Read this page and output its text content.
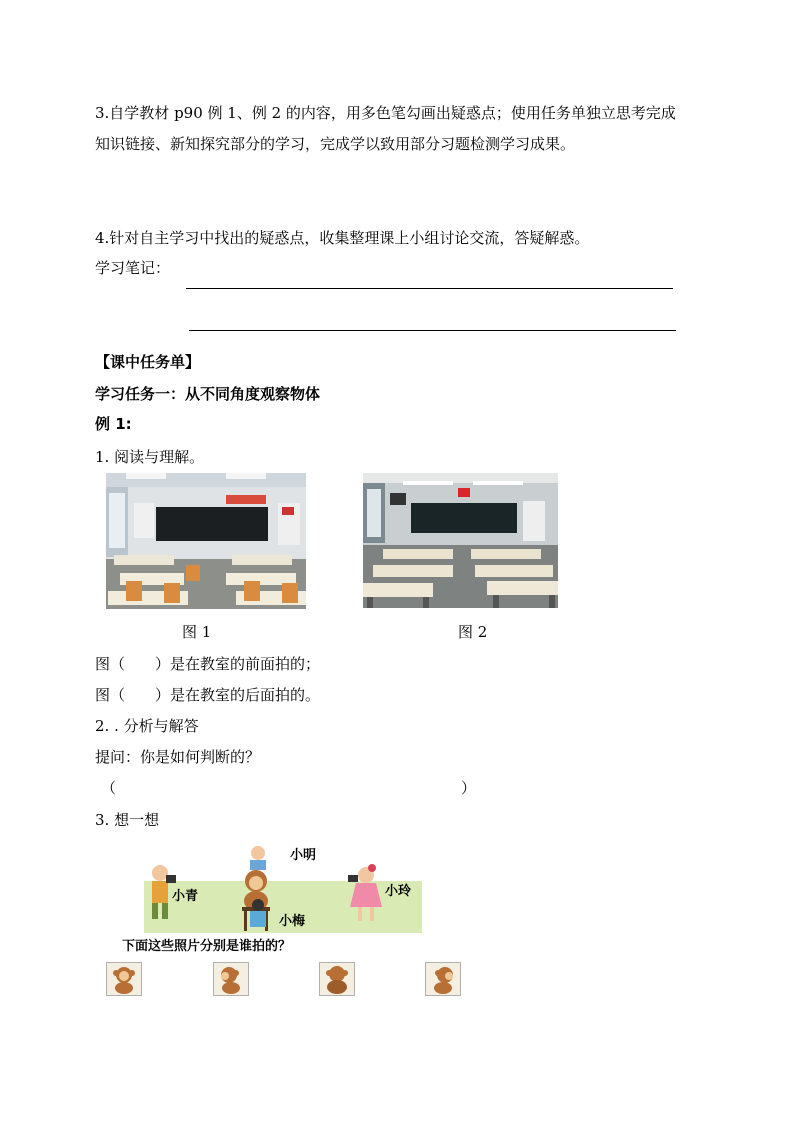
3.自学教材 p90 例 1、例 2 的内容，用多色笔勾画出疑惑点；使用任务单独立思考完成
知识链接、新知探究部分的学习，完成学以致用部分习题检测学习成果。
4.针对自主学习中找出的疑惑点，收集整理课上小组讨论交流，答疑解惑。
学习笔记：
【课中任务单】
学习任务一：从不同角度观察物体
例 1:
1. 阅读与理解。
图 1	图 2
图（　　）是在教室的前面拍的；
图（　　）是在教室的后面拍的。
2. . 分析与解答
提问：你是如何判断的？
（	）
3. 想一想
小明
小青	小玲
小梅
下面这些照片分别是谁拍的？
